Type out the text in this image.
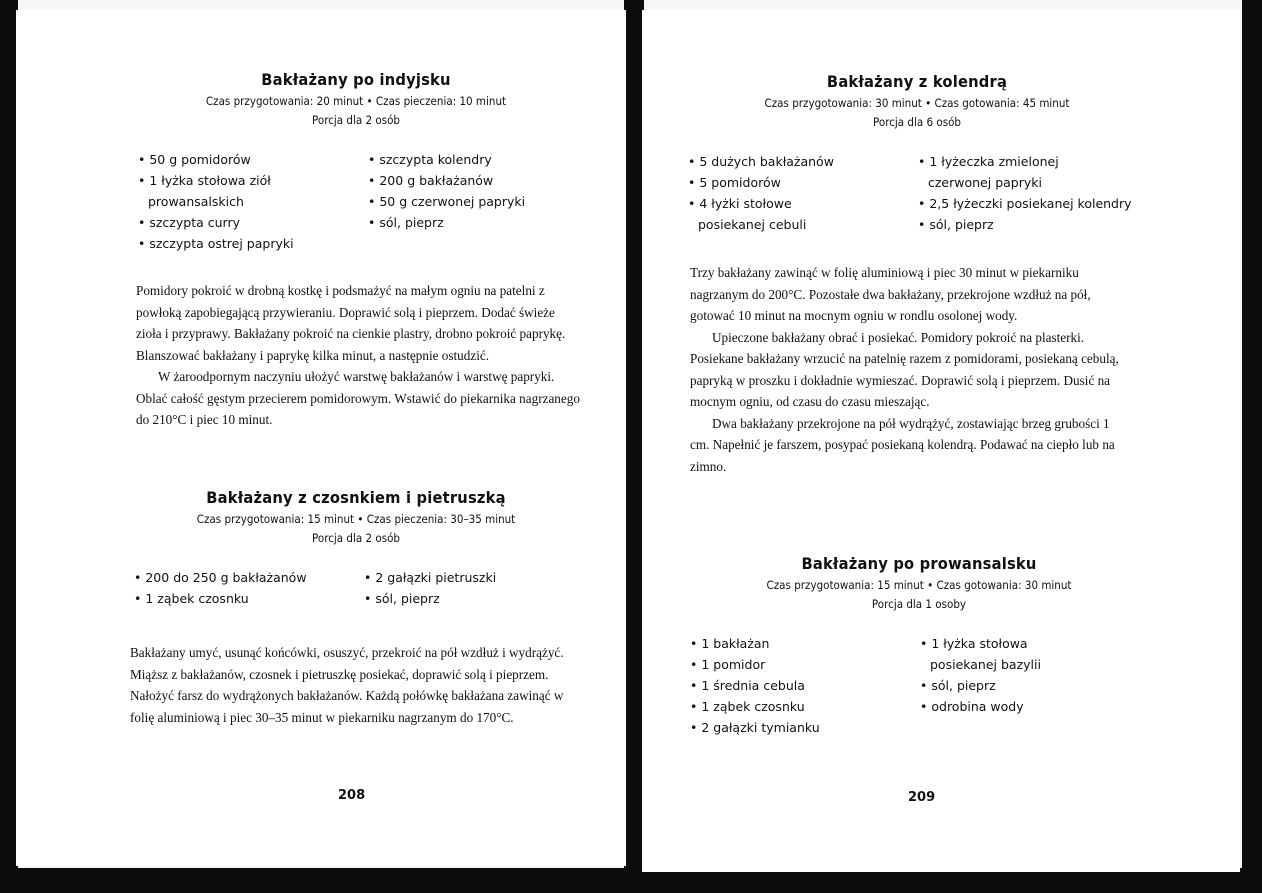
Bakłażany po indyjsku
Czas przygotowania: 20 minut • Czas pieczenia: 10 minut
Porcja dla 2 osób
• 50 g pomidorów
• 1 łyżka stołowa ziół prowansalskich
• szczypta curry
• szczypta ostrej papryki
• szczypta kolendry
• 200 g bakłażanów
• 50 g czerwonej papryki
• sól, pieprz

Pomidory pokroić w drobną kostkę i podsmażyć na małym ogniu na patelni z powłoką zapobiegającą przywieraniu. Doprawić solą i pieprzem. Dodać świeże zioła i przyprawy. Bakłażany pokroić na cienkie plastry, drobno pokroić paprykę. Blanszować bakłażany i paprykę kilka minut, a następnie ostudzić.

W żaroodpornym naczyniu ułożyć warstwę bakłażanów i warstwę papryki. Oblać całość gęstym przecierem pomidorowym. Wstawić do piekarnika nagrzanego do 210°C i piec 10 minut.

Bakłażany z czosnkiem i pietruszką
Czas przygotowania: 15 minut • Czas pieczenia: 30–35 minut
Porcja dla 2 osób
• 200 do 250 g bakłażanów
• 1 ząbek czosnku
• 2 gałązki pietruszki
• sól, pieprz

Bakłażany umyć, usunąć końcówki, osuszyć, przekroić na pół wzdłuż i wydrążyć. Miąższ z bakłażanów, czosnek i pietruszkę posiekać, doprawić solą i pieprzem. Nałożyć farsz do wydrążonych bakłażanów. Każdą połówkę bakłażana zawinąć w folię aluminiową i piec 30–35 minut w piekarniku nagrzanym do 170°C.

208
Bakłażany z kolendrą
Czas przygotowania: 30 minut • Czas gotowania: 45 minut
Porcja dla 6 osób
• 5 dużych bakłażanów
• 5 pomidorów
• 4 łyżki stołowe posiekanej cebuli
• 1 łyżeczka zmielonej czerwonej papryki
• 2,5 łyżeczki posiekanej kolendry
• sól, pieprz

Trzy bakłażany zawinąć w folię aluminiową i piec 30 minut w piekarniku nagrzanym do 200°C. Pozostałe dwa bakłażany, przekrojone wzdłuż na pół, gotować 10 minut na mocnym ogniu w rondlu osolonej wody.

Upieczone bakłażany obrać i posiekać. Pomidory pokroić na plasterki. Posiekane bakłażany wrzucić na patelnię razem z pomidorami, posiekaną cebulą, papryką w proszku i dokładnie wymieszać. Doprawić solą i pieprzem. Dusić na mocnym ogniu, od czasu do czasu mieszając.

Dwa bakłażany przekrojone na pół wydrążyć, zostawiając brzeg grubości 1 cm. Napełnić je farszem, posypać posiekaną kolendrą. Podawać na ciepło lub na zimno.

Bakłażany po prowansalsku
Czas przygotowania: 15 minut • Czas gotowania: 30 minut
Porcja dla 1 osoby
• 1 bakłażan
• 1 pomidor
• 1 średnia cebula
• 1 ząbek czosnku
• 2 gałązki tymianku
• 1 łyżka stołowa posiekanej bazylii
• sól, pieprz
• odrobina wody
209
